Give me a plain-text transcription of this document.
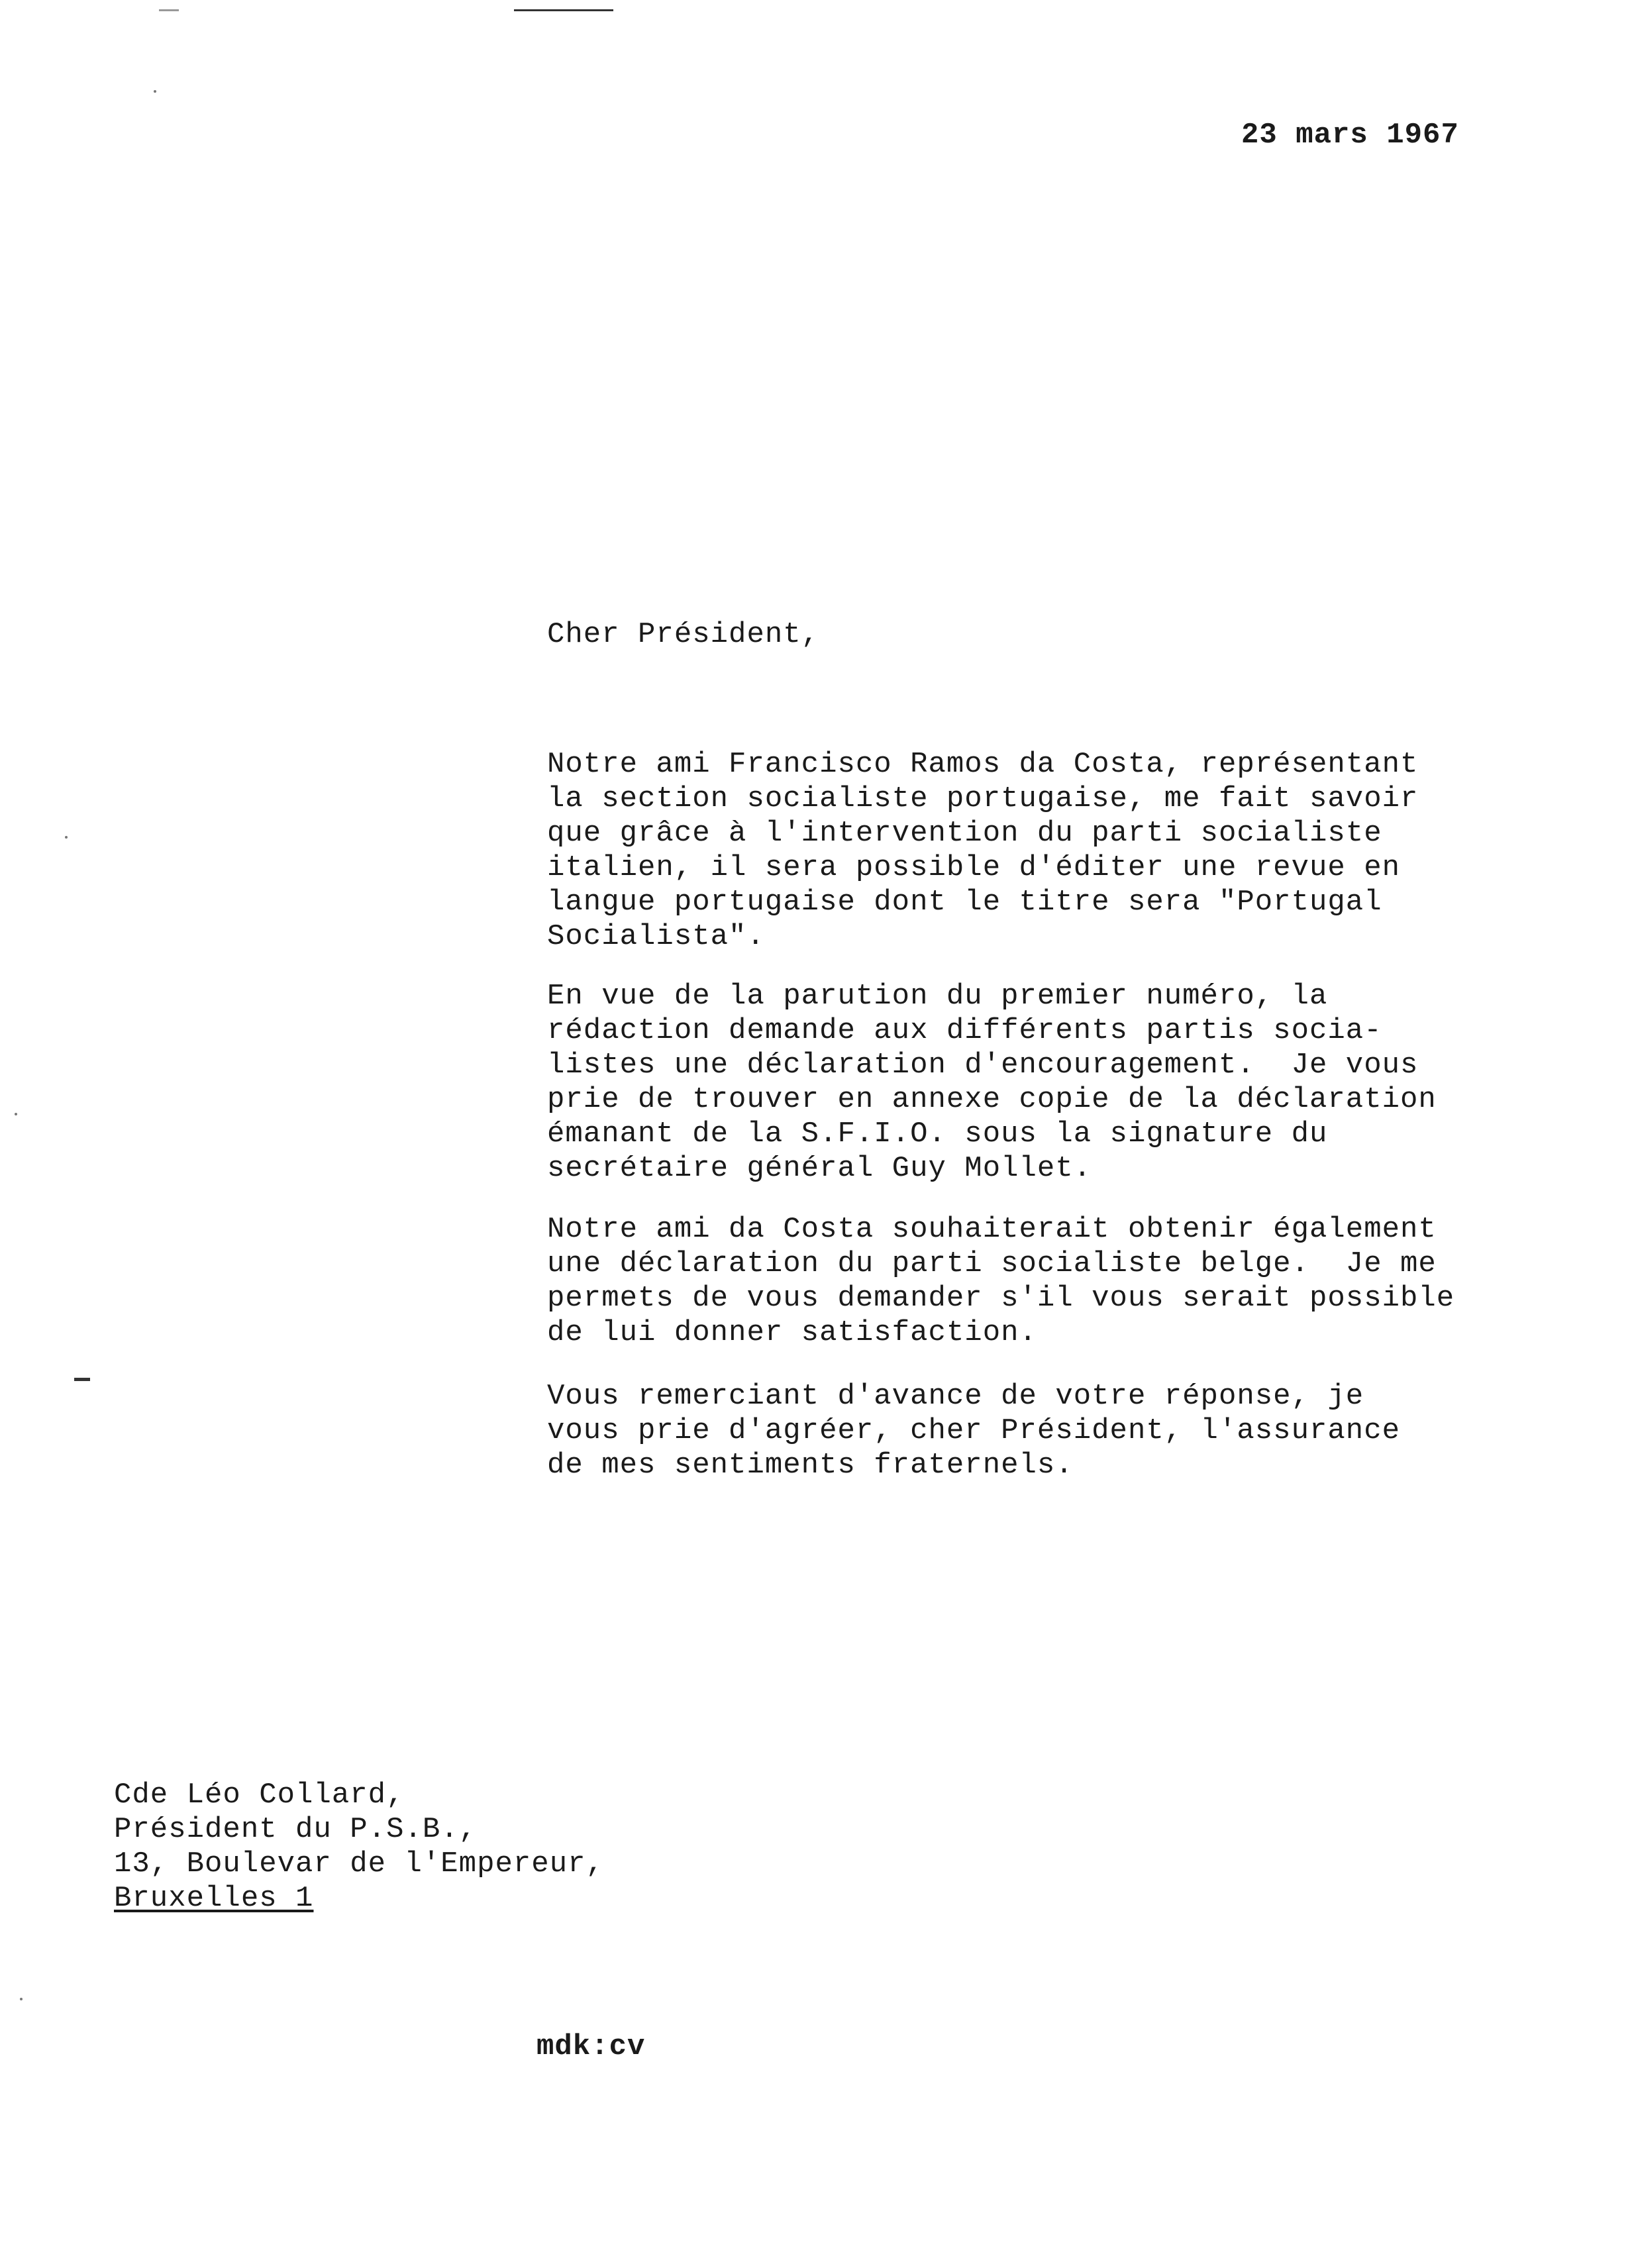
23 mars 1967
Cher Président,
Notre ami Francisco Ramos da Costa, représentant
la section socialiste portugaise, me fait savoir
que grâce à l'intervention du parti socialiste
italien, il sera possible d'éditer une revue en
langue portugaise dont le titre sera "Portugal
Socialista".
En vue de la parution du premier numéro, la
rédaction demande aux différents partis socia-
listes une déclaration d'encouragement.  Je vous
prie de trouver en annexe copie de la déclaration
émanant de la S.F.I.O. sous la signature du
secrétaire général Guy Mollet.
Notre ami da Costa souhaiterait obtenir également
une déclaration du parti socialiste belge.  Je me
permets de vous demander s'il vous serait possible
de lui donner satisfaction.
Vous remerciant d'avance de votre réponse, je
vous prie d'agréer, cher Président, l'assurance
de mes sentiments fraternels.
Cde Léo Collard,
Président du P.S.B.,
13, Boulevar de l'Empereur,
Bruxelles 1
mdk:cv
